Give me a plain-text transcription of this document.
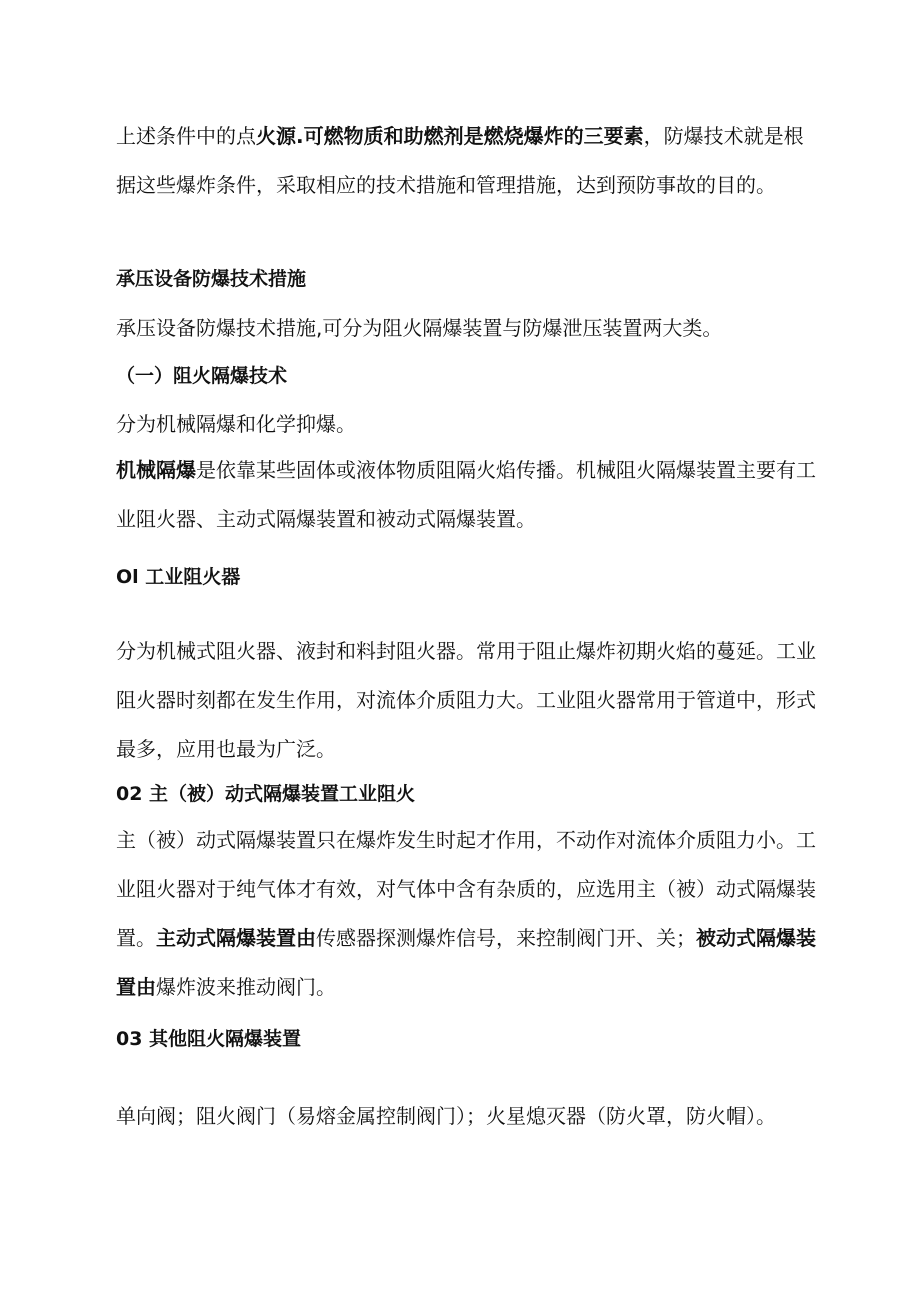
上述条件中的点火源.可燃物质和助燃剂是燃烧爆炸的三要素，防爆技术就是根据这些爆炸条件，采取相应的技术措施和管理措施，达到预防事故的目的。

承压设备防爆技术措施

承压设备防爆技术措施,可分为阻火隔爆装置与防爆泄压装置两大类。

（一）阻火隔爆技术

分为机械隔爆和化学抑爆。

机械隔爆是依靠某些固体或液体物质阻隔火焰传播。机械阻火隔爆装置主要有工业阻火器、主动式隔爆装置和被动式隔爆装置。

Ol 工业阻火器

分为机械式阻火器、液封和料封阻火器。常用于阻止爆炸初期火焰的蔓延。工业阻火器时刻都在发生作用，对流体介质阻力大。工业阻火器常用于管道中，形式最多，应用也最为广泛。

02 主（被）动式隔爆装置工业阻火

主（被）动式隔爆装置只在爆炸发生时起才作用，不动作对流体介质阻力小。工业阻火器对于纯气体才有效，对气体中含有杂质的，应选用主（被）动式隔爆装置。主动式隔爆装置由传感器探测爆炸信号，来控制阀门开、关；被动式隔爆装置由爆炸波来推动阀门。

03 其他阻火隔爆装置

单向阀；阻火阀门（易熔金属控制阀门）；火星熄灭器（防火罩，防火帽）。
